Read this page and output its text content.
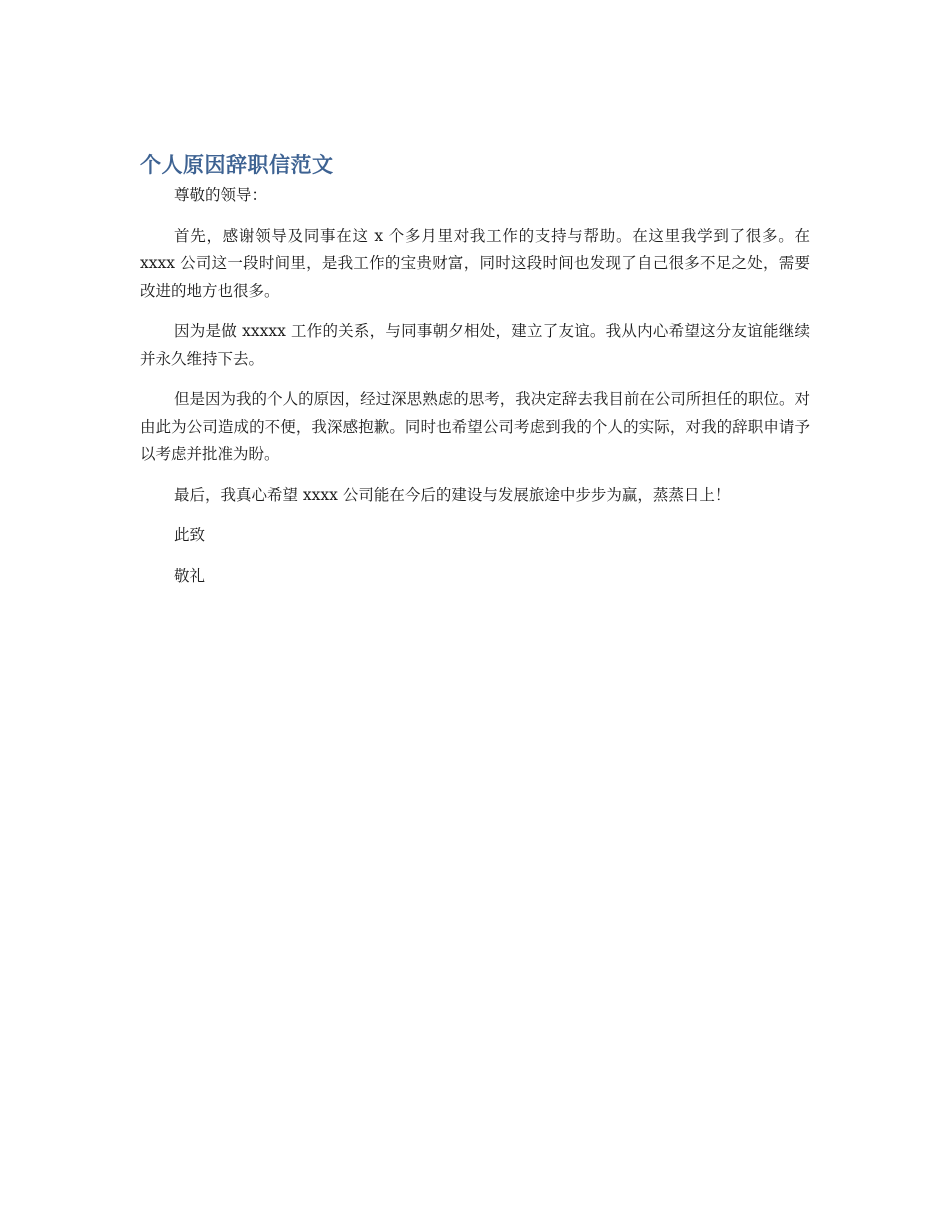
个人原因辞职信范文

尊敬的领导：

首先，感谢领导及同事在这 x 个多月里对我工作的支持与帮助。在这里我学到了很多。在 xxxx 公司这一段时间里，是我工作的宝贵财富，同时这段时间也发现了自己很多不足之处，需要改进的地方也很多。

因为是做 xxxxx 工作的关系，与同事朝夕相处，建立了友谊。我从内心希望这分友谊能继续并永久维持下去。

但是因为我的个人的原因，经过深思熟虑的思考，我决定辞去我目前在公司所担任的职位。对由此为公司造成的不便，我深感抱歉。同时也希望公司考虑到我的个人的实际，对我的辞职申请予以考虑并批准为盼。

最后，我真心希望 xxxx 公司能在今后的建设与发展旅途中步步为赢，蒸蒸日上！

此致

敬礼
